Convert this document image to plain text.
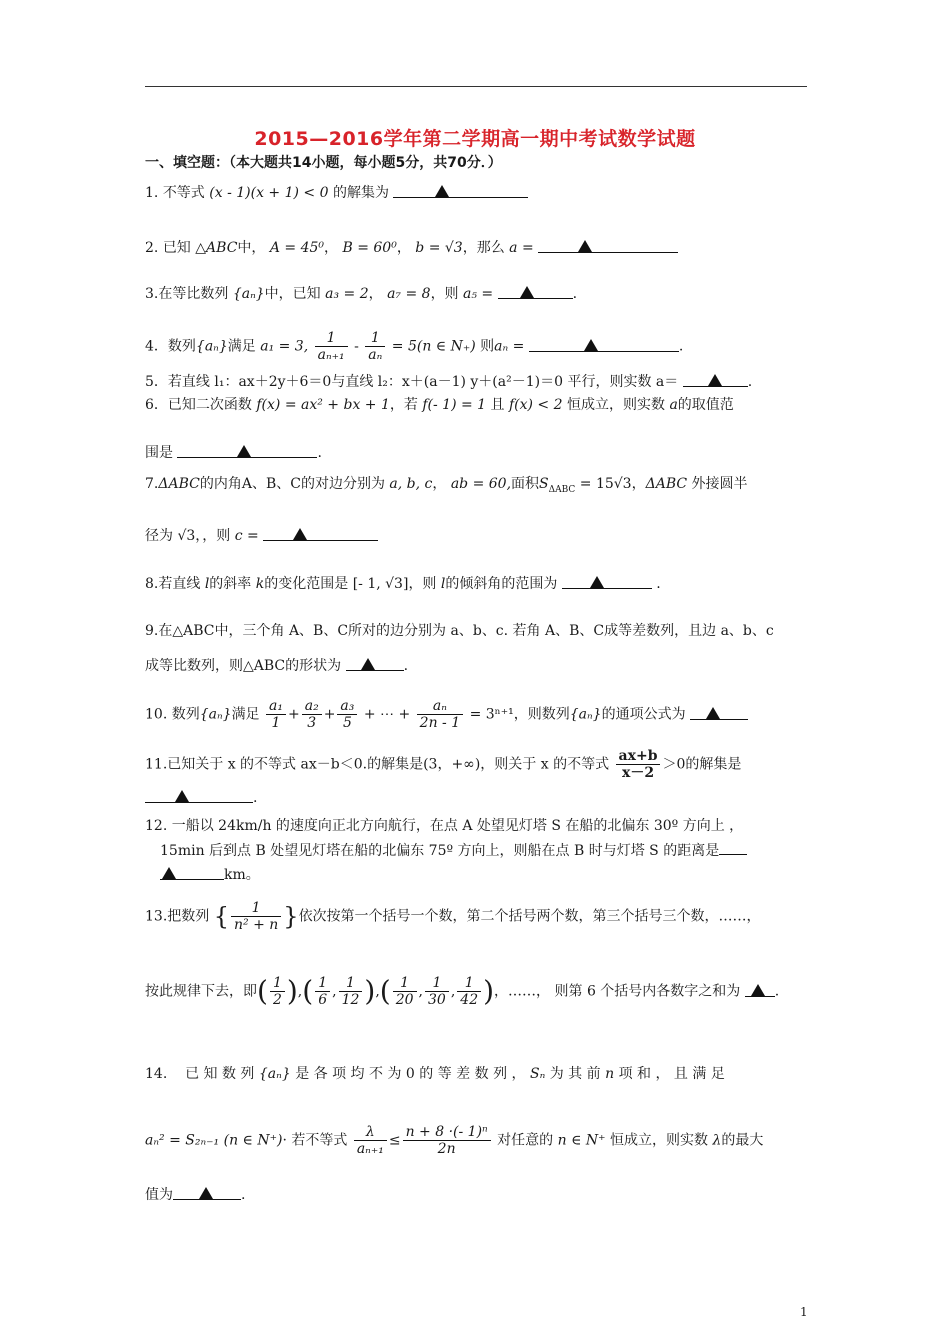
2015—2016学年第二学期高一期中考试数学试题
一、填空题：（本大题共14小题，每小题5分，共70分．）
1. 不等式 (x - 1)(x + 1) < 0 的解集为
2. 已知 △ABC中， A = 45⁰， B = 60⁰， b = √3，那么 a =
3.在等比数列 {aₙ}中，已知 a₃ = 2， a₇ = 8，则 a₅ =	.
4．数列{aₙ}满足 a₁ = 3, $\frac{1}{\text{aₙ₊₁}} - \frac{1}{\text{aₙ}} = 5(n$ ∈ N₊) 则aₙ =	.
5．若直线 l₁：ax＋2y＋6＝0与直线 l₂：x＋(a－1) y＋(a²－1)＝0 平行，则实数 a＝	.
6．已知二次函数 f(x) = ax² + bx + 1，若 f(- 1) = 1 且 f(x) < 2 恒成立，则实数 a的取值范
围是	.
7.ΔABC的内角A、B、C的对边分别为 a, b, c， ab = 60,面积$S_{\Delta ABC} = 15√3$，ΔABC 外接圆半
径为 √3，，则 c =
8.若直线 l的斜率 k的变化范围是 [- 1, √3]，则 l的倾斜角的范围为	.
9.在△ABC中，三个角 A、B、C所对的边分别为 a、b、c. 若角 A、B、C成等差数列，且边 a、b、c
成等比数列，则△ABC的形状为	.
10. 数列{aₙ}满足 $\frac{\text{a₁}}{1} + \frac{\text{a₂}}{3} + \frac{\text{a₃}}{5}$ + ⋯ + $\frac{\text{aₙ}}{2n - 1} = 3^{n+1}$，则数列{aₙ}的通项公式为
11.已知关于 x 的不等式 ax－b＜0.的解集是(3，+∞)，则关于 x 的不等式 $\frac{ax+b}{x-2} >0$的解集是
.
12. 一船以 24km/h 的速度向正北方向航行，在点 A 处望见灯塔 S 在船的北偏东 30º 方向上 ，
15min 后到点 B 处望见灯塔在船的北偏东 75º 方向上，则船在点 B 时与灯塔 S 的距离是
km。
13.把数列 { $\frac{1}{\text{n² + n}}$ }依次按第一个括号一个数，第二个括号两个数，第三个括号三个数，……，
按此规律下去，即( $\frac{1}{2}$ ),( $\frac{1}{6}$ , $\frac{1}{12}$ ),( $\frac{1}{20}$ , $\frac{1}{30}$ , $\frac{1}{42}$ )，……， 则第 6 个括号内各数字之和为 .
14. 已 知 数 列 {aₙ} 是 各 项 均 不 为 0 的 等 差 数 列 ， Sₙ 为 其 前 n 项 和 ， 且 满 足
aₙ² = S₂ₙ₋₁ (n ∈ N⁺)· 若不等式 $\frac{\lambda}{\text{aₙ₊₁}} \le \frac{\text{n + 8 ·(- 1)ⁿ}}{2n}$ 对任意的 n ∈ N⁺ 恒成立，则实数 λ的最大
值为	.
1
